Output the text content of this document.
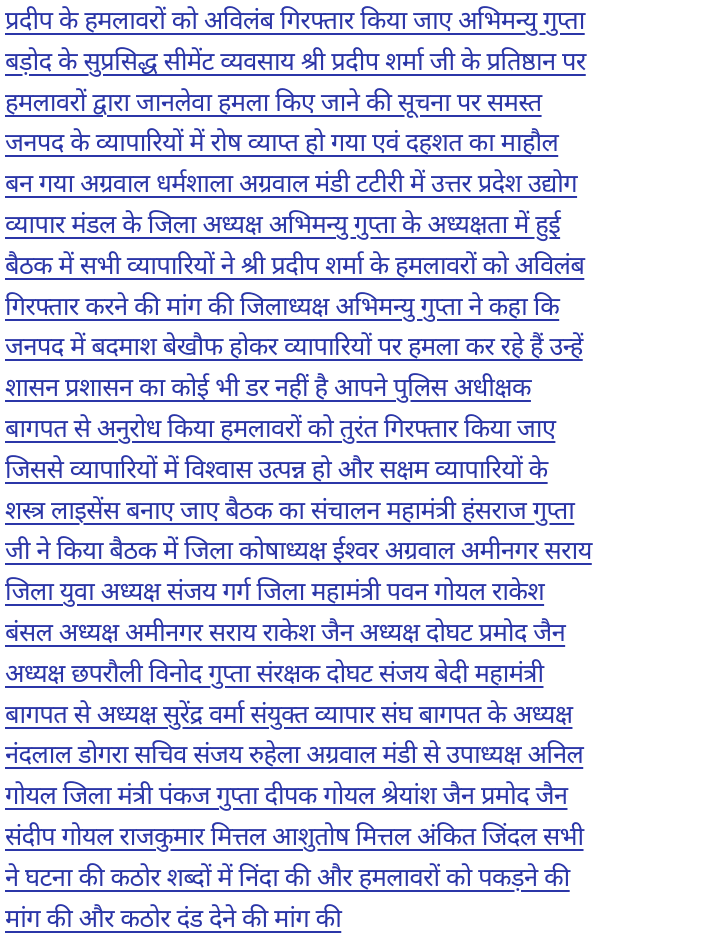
प्रदीप के हमलावरों को अविलंब गिरफ्तार किया जाए अभिमन्यु गुप्ता
बड़ोद के सुप्रसिद्ध सीमेंट व्यवसाय श्री प्रदीप शर्मा जी के प्रतिष्ठान पर
हमलावरों द्वारा जानलेवा हमला किए जाने की सूचना पर समस्त
जनपद के व्यापारियों में रोष व्याप्त हो गया एवं दहशत का माहौल
बन गया अग्रवाल धर्मशाला अग्रवाल मंडी टटीरी में उत्तर प्रदेश उद्योग
व्यापार मंडल के जिला अध्यक्ष अभिमन्यु गुप्ता के अध्यक्षता में हुई
बैठक में सभी व्यापारियों ने श्री प्रदीप शर्मा के हमलावरों को अविलंब
गिरफ्तार करने की मांग की जिलाध्यक्ष अभिमन्यु गुप्ता ने कहा कि
जनपद में बदमाश बेखौफ होकर व्यापारियों पर हमला कर रहे हैं उन्हें
शासन प्रशासन का कोई भी डर नहीं है आपने पुलिस अधीक्षक
बागपत से अनुरोध किया हमलावरों को तुरंत गिरफ्तार किया जाए
जिससे व्यापारियों में विश्वास उत्पन्न हो और सक्षम व्यापारियों के
शस्त्र लाइसेंस बनाए जाए बैठक का संचालन महामंत्री हंसराज गुप्ता
जी ने किया बैठक में जिला कोषाध्यक्ष ईश्वर अग्रवाल अमीनगर सराय
जिला युवा अध्यक्ष संजय गर्ग जिला महामंत्री पवन गोयल राकेश
बंसल अध्यक्ष अमीनगर सराय राकेश जैन अध्यक्ष दोघट प्रमोद जैन
अध्यक्ष छपरौली विनोद गुप्ता संरक्षक दोघट संजय बेदी महामंत्री
बागपत से अध्यक्ष सुरेंद्र वर्मा संयुक्त व्यापार संघ बागपत के अध्यक्ष
नंदलाल डोगरा सचिव संजय रुहेला अग्रवाल मंडी से उपाध्यक्ष अनिल
गोयल जिला मंत्री पंकज गुप्ता दीपक गोयल श्रेयांश जैन प्रमोद जैन
संदीप गोयल राजकुमार मित्तल आशुतोष मित्तल अंकित जिंदल सभी
ने घटना की कठोर शब्दों में निंदा की और हमलावरों को पकड़ने की
मांग की और कठोर दंड देने की मांग की
